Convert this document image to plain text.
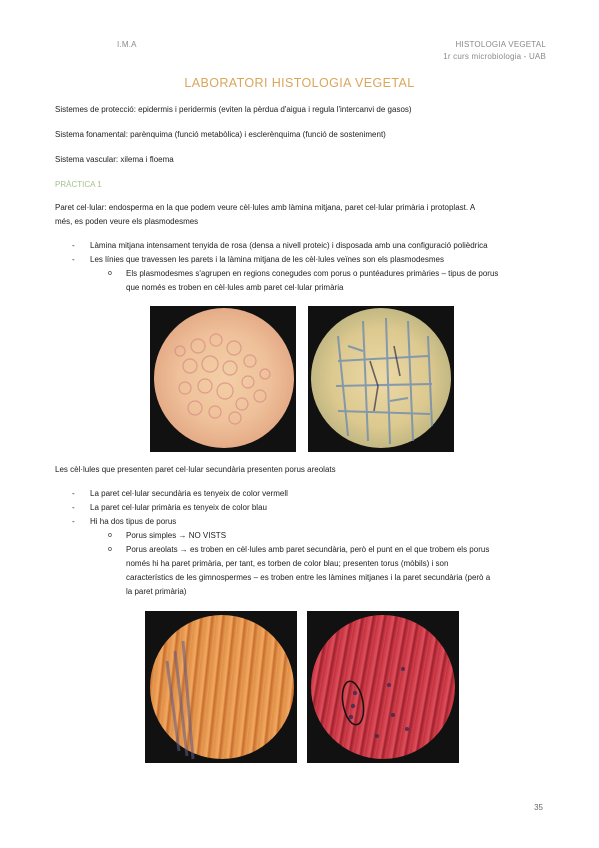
I.M.A	HISTOLOGIA VEGETAL
1r curs microbiologia - UAB
LABORATORI HISTOLOGIA VEGETAL
Sistemes de protecció: epidermis i peridermis (eviten la pèrdua d'aigua i regula l'intercanvi de gasos)
Sistema fonamental: parènquima (funció metabòlica) i esclerènquima (funció de sosteniment)
Sistema vascular: xilema i floema
PRÀCTICA 1
Paret cel·lular: endosperma en la que podem veure cèl·lules amb làmina mitjana, paret cel·lular primària i protoplast. A
més, es poden veure els plasmodesmes
- Làmina mitjana intensament tenyida de rosa (densa a nivell proteic) i disposada amb una configuració polièdrica
- Les línies que travessen les parets i la làmina mitjana de les cèl·lules veïnes son els plasmodesmes
o Els plasmodesmes s'agrupen en regions conegudes com porus o puntéadures primàries – tipus de porus
que només es troben en cèl·lules amb paret cel·lular primària
Les cèl·lules que presenten paret cel·lular secundària presenten porus areolats
- La paret cel·lular secundària es tenyeix de color vermell
- La paret cel·lular primària es tenyeix de color blau
- Hi ha dos tipus de porus
o Porus simples → NO VISTS
o Porus areolats → es troben en cèl·lules amb paret secundària, però el punt en el que trobem els porus
només hi ha paret primària, per tant, es torben de color blau; presenten torus (mòbils) i son
característics de les gimnospermes – es troben entre les làmines mitjanes i la paret secundària (però a
la paret primària)
35
